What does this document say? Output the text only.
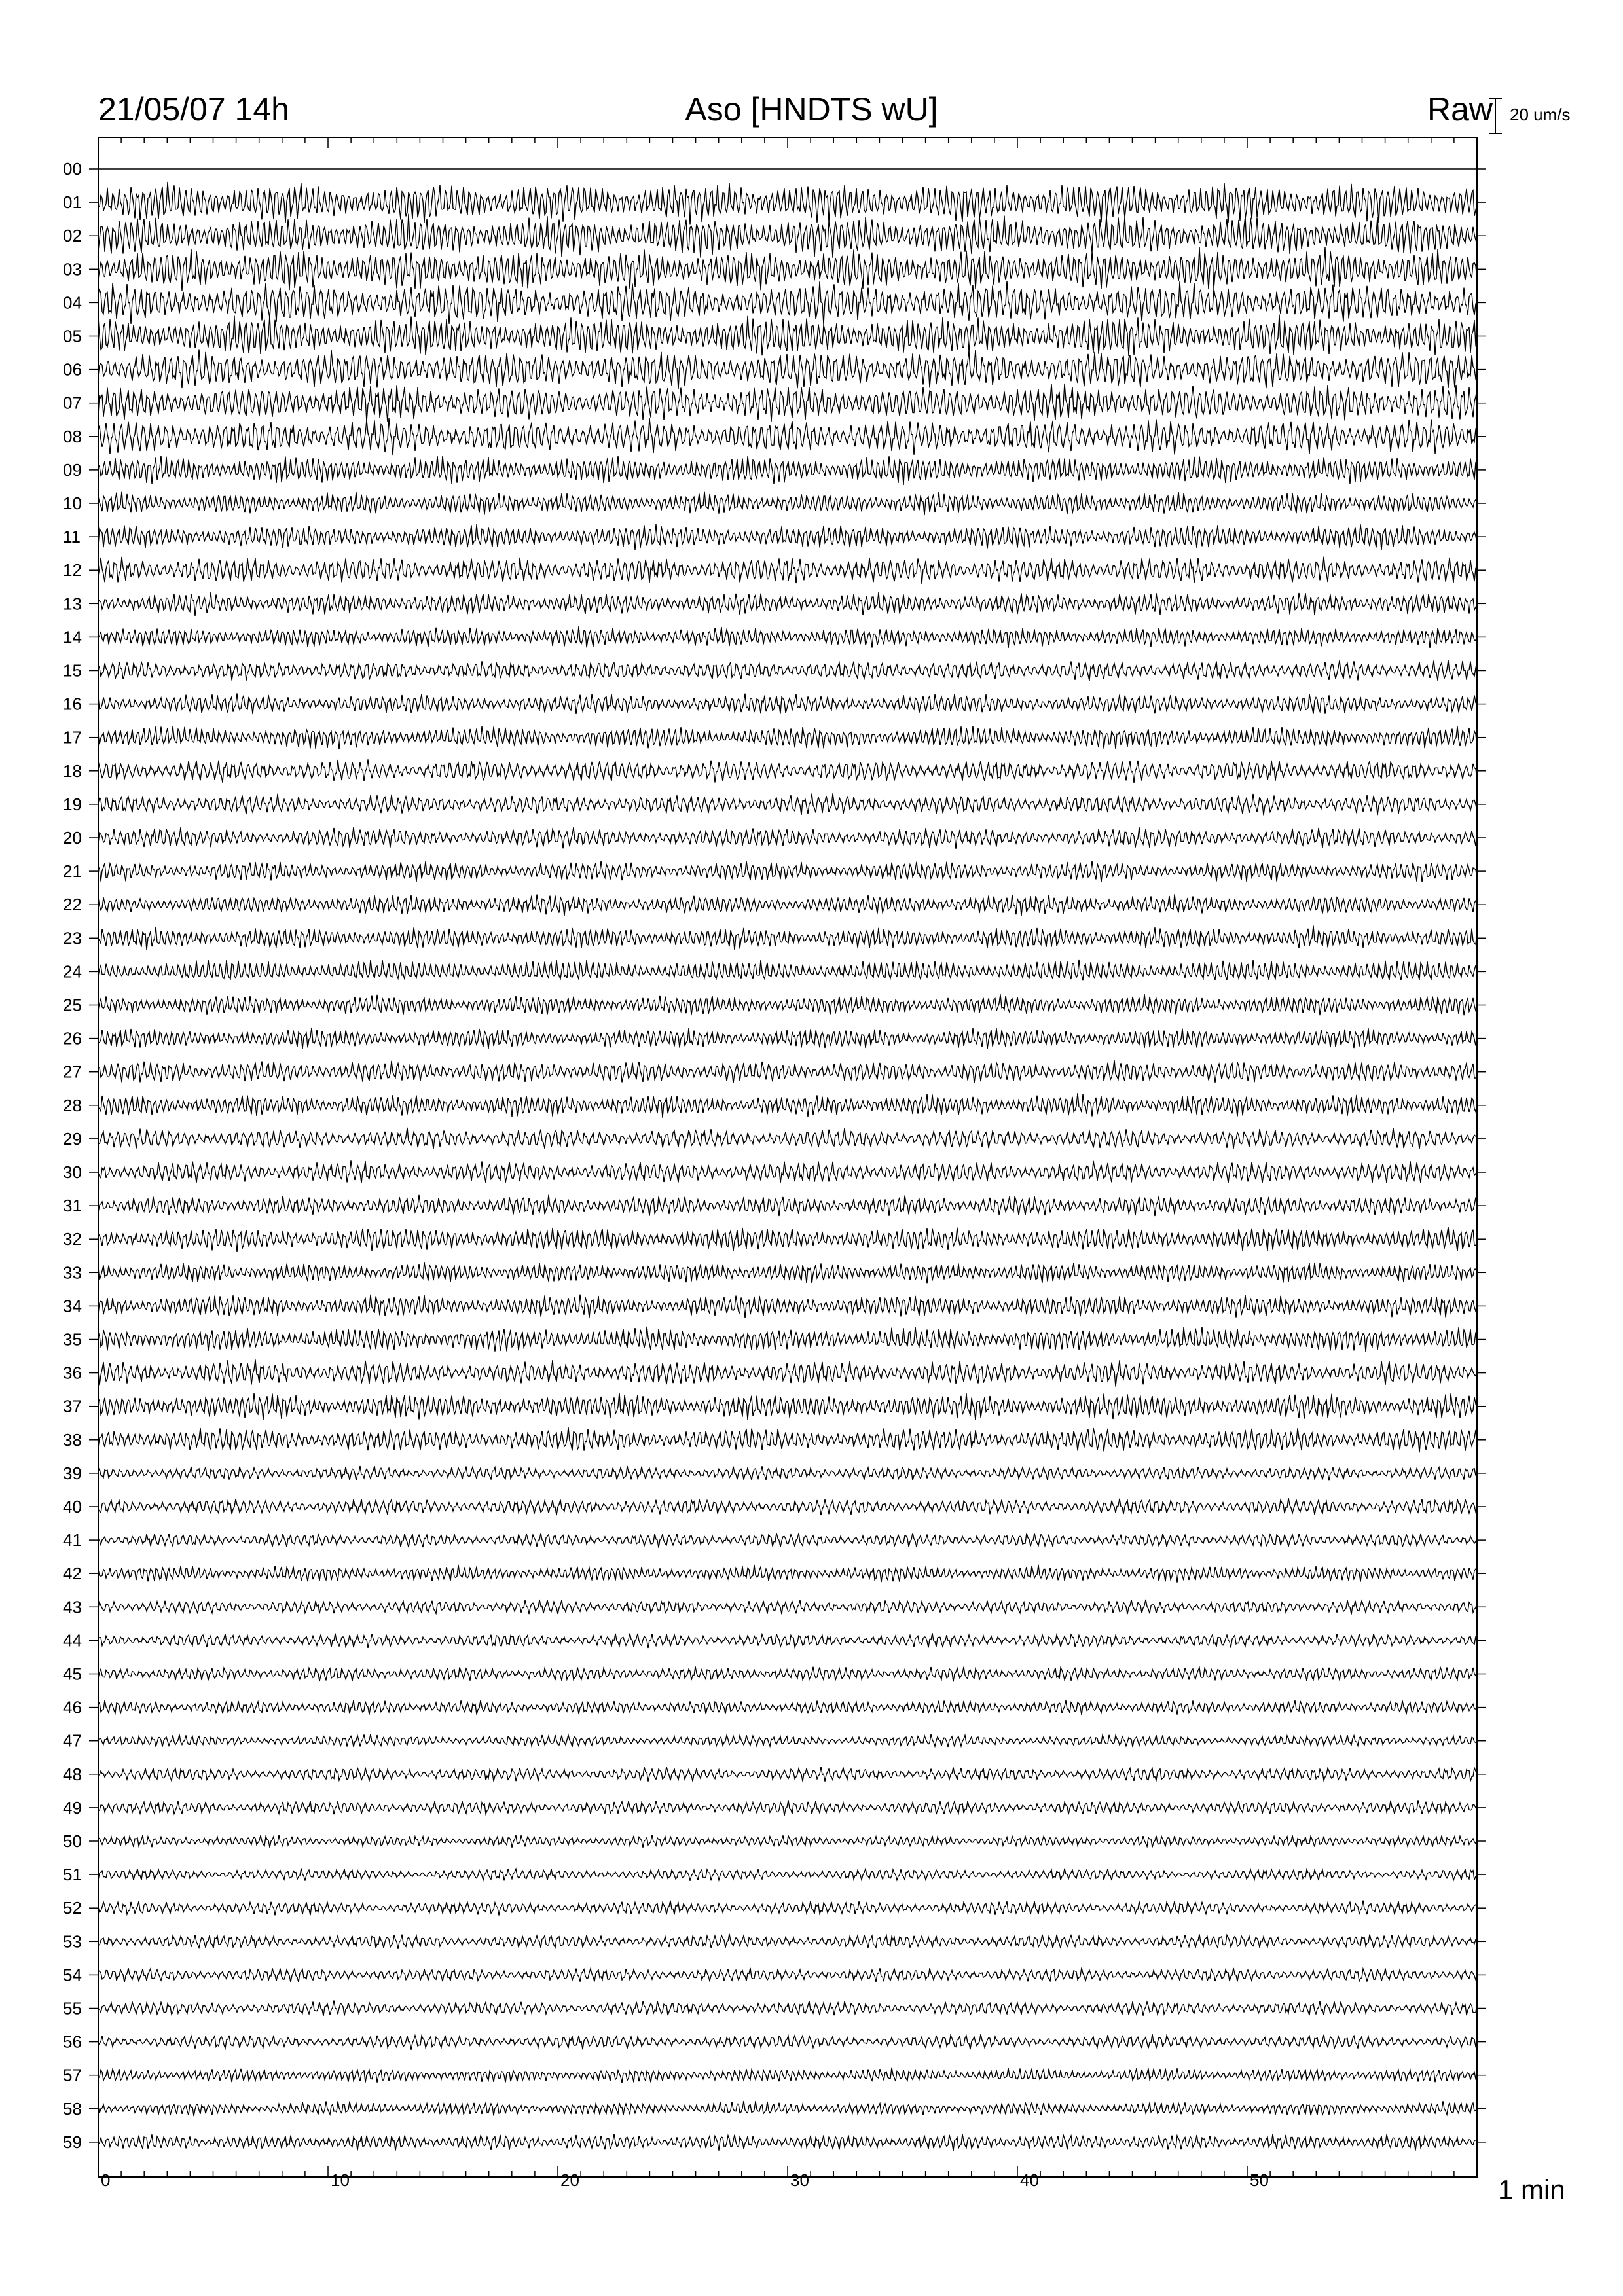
21/05/07 14h	Aso [HNDTS wU]	Raw 20 um/s
1 min
00
01
02
03
04
05
06
07
08
09
10
11
12
13
14
15
16
17
18
19
20
21
22
23
24
25
26
27
28
29
30
31
32
33
34
35
36
37
38
39
40
41
42
43
44
45
46
47
48
49
50
51
52
53
54
55
56
57
58
59
0	10	20	30	40	50
